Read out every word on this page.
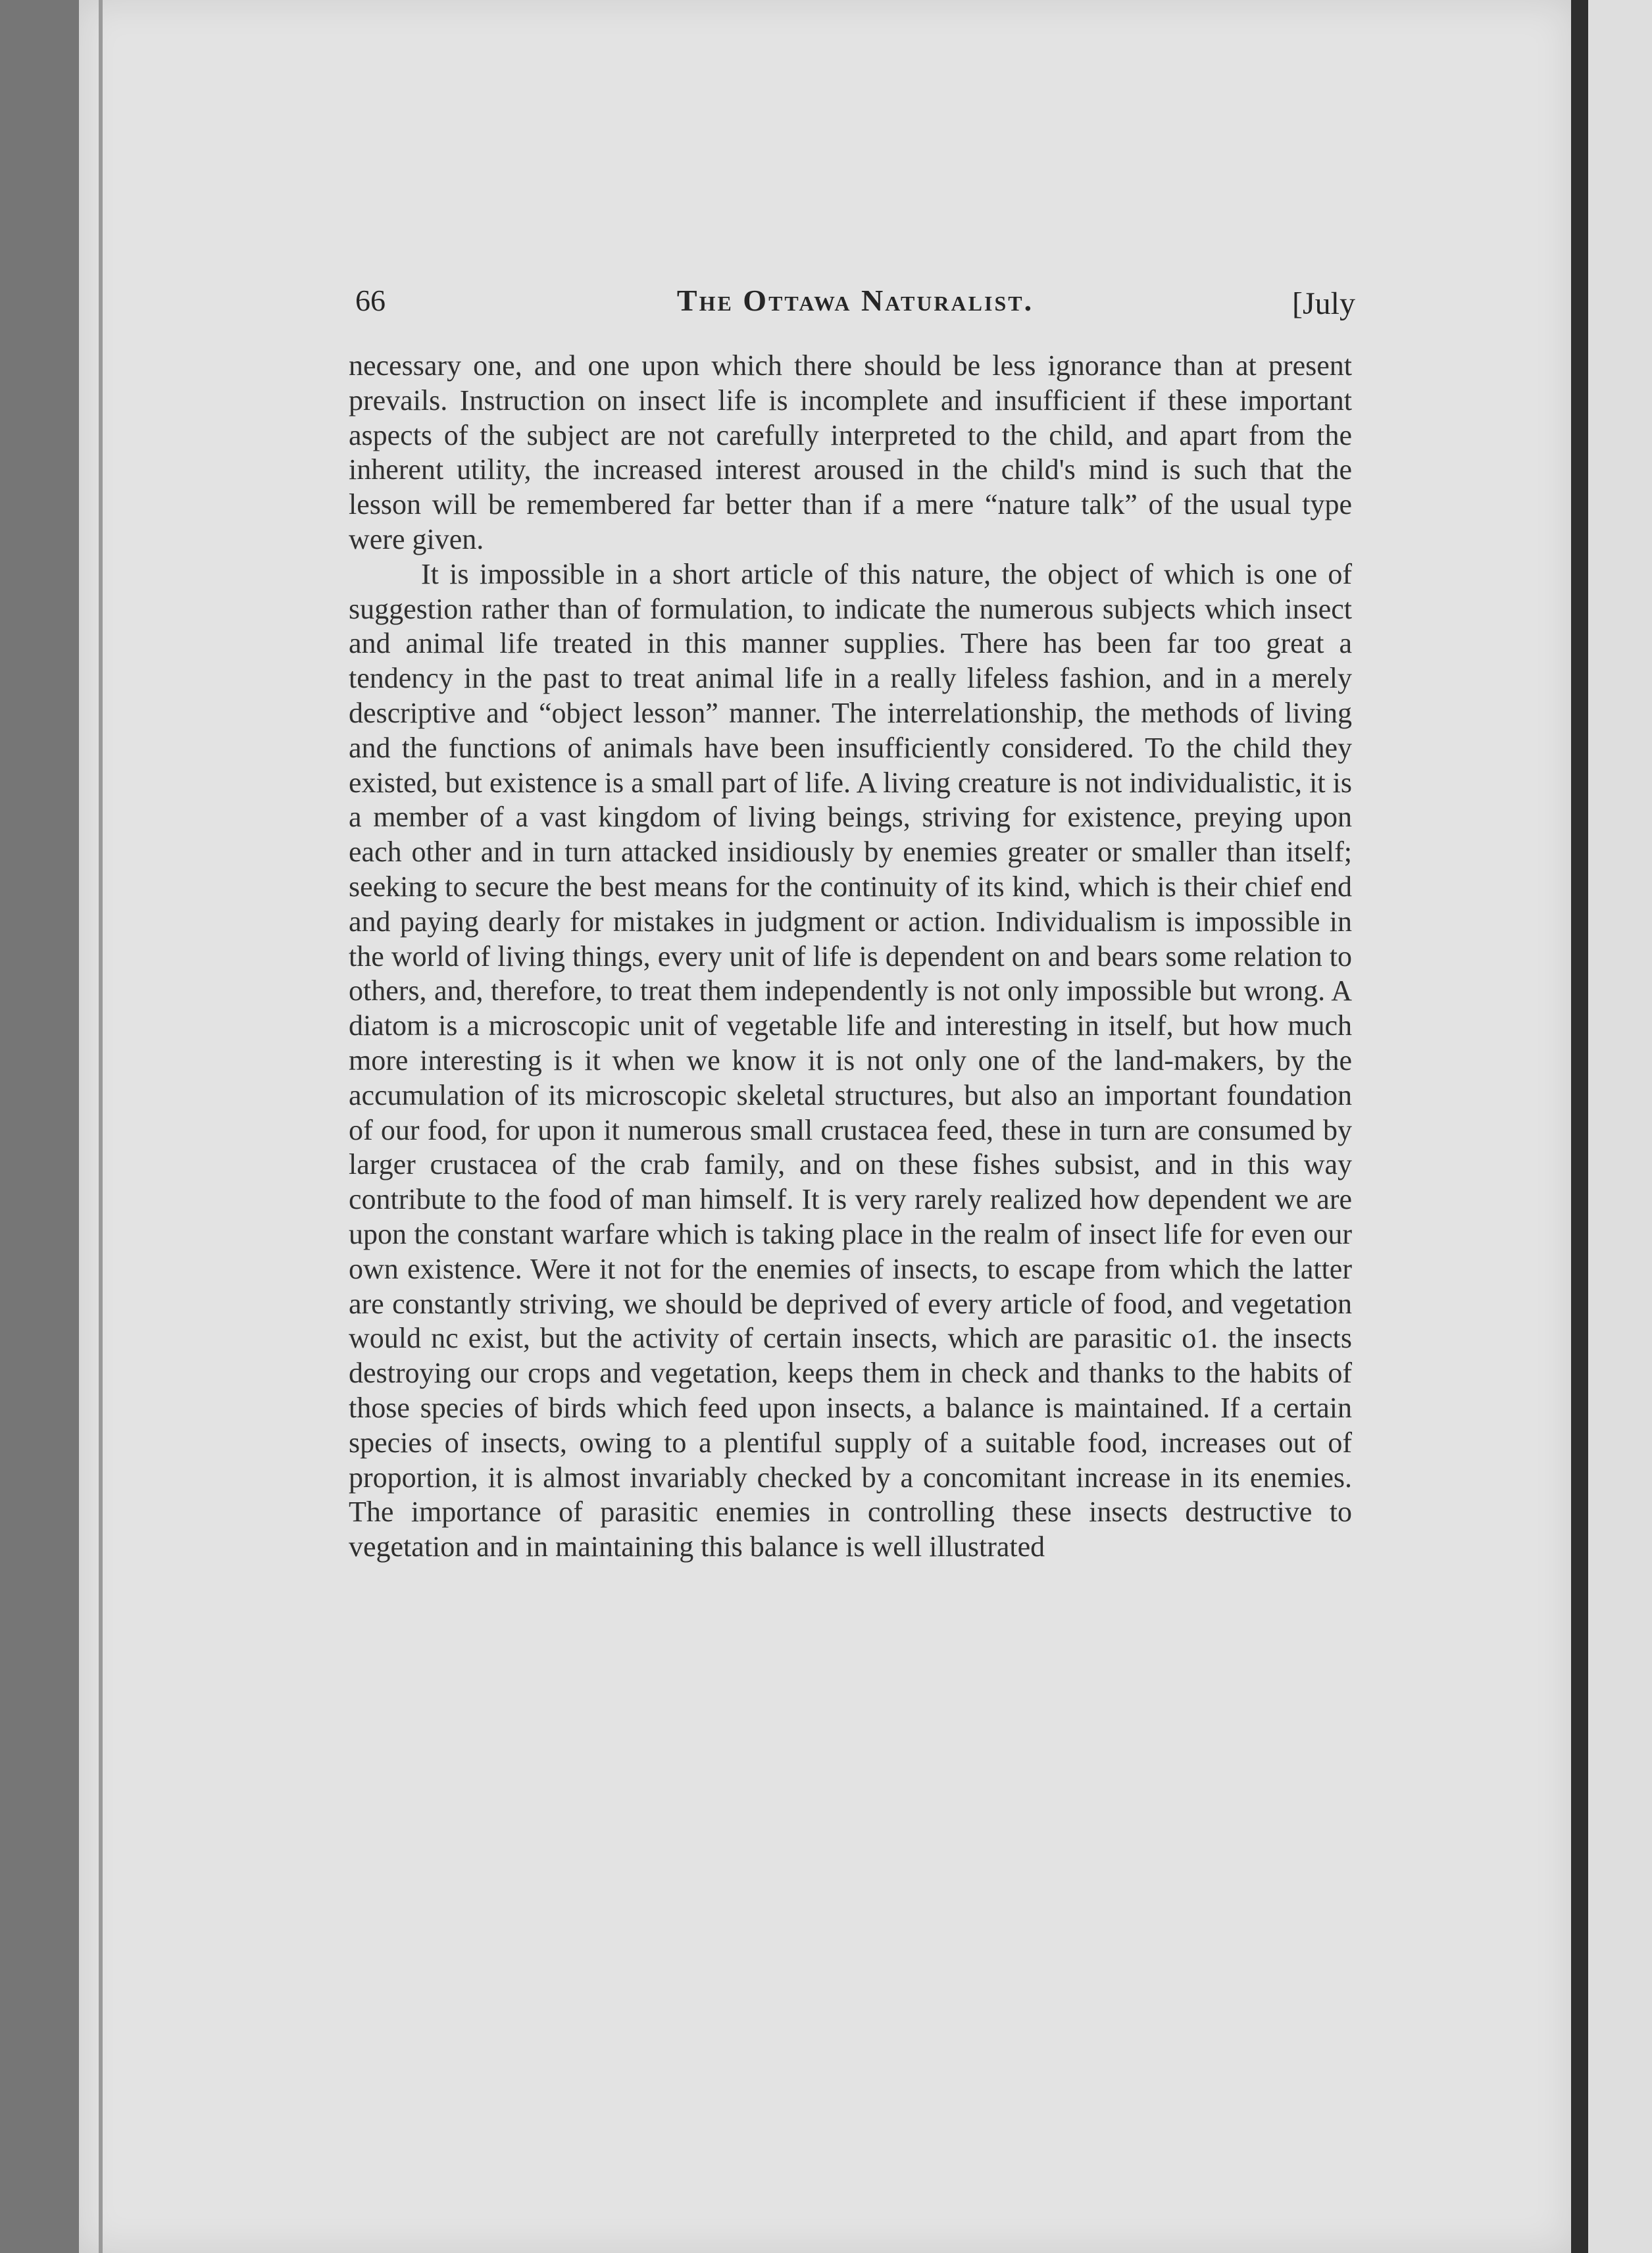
66	The Ottawa Naturalist.	[July

necessary one, and one upon which there should be less ignorance than at present prevails. Instruction on insect life is incomplete and insufficient if these important aspects of the subject are not carefully interpreted to the child, and apart from the inherent utility, the increased interest aroused in the child's mind is such that the lesson will be remembered far better than if a mere “nature talk” of the usual type were given.

It is impossible in a short article of this nature, the object of which is one of suggestion rather than of formulation, to indicate the numerous subjects which insect and animal life treated in this manner supplies. There has been far too great a tendency in the past to treat animal life in a really lifeless fashion, and in a merely descriptive and “object lesson” manner. The interrelationship, the methods of living and the functions of animals have been insufficiently considered. To the child they existed, but existence is a small part of life. A living creature is not individualistic, it is a member of a vast kingdom of living beings, striving for existence, preying upon each other and in turn attacked insidiously by enemies greater or smaller than itself; seeking to secure the best means for the continuity of its kind, which is their chief end and paying dearly for mistakes in judgment or action. Individualism is impossible in the world of living things, every unit of life is dependent on and bears some relation to others, and, therefore, to treat them independently is not only impossible but wrong. A diatom is a microscopic unit of vegetable life and interesting in itself, but how much more interesting is it when we know it is not only one of the land-makers, by the accumulation of its microscopic skeletal structures, but also an important foundation of our food, for upon it numerous small crustacea feed, these in turn are consumed by larger crustacea of the crab family, and on these fishes subsist, and in this way contribute to the food of man himself. It is very rarely realized how dependent we are upon the constant warfare which is taking place in the realm of insect life for even our own existence. Were it not for the enemies of insects, to escape from which the latter are constantly striving, we should be deprived of every article of food, and vegetation would nc exist, but the activity of certain insects, which are parasitic o1. the insects destroying our crops and vegetation, keeps them in check and thanks to the habits of those species of birds which feed upon insects, a balance is maintained. If a certain species of insects, owing to a plentiful supply of a suitable food, increases out of proportion, it is almost invariably checked by a concomitant increase in its enemies. The importance of parasitic enemies in controlling these insects destructive to vegetation and in maintaining this balance is well illustrated
